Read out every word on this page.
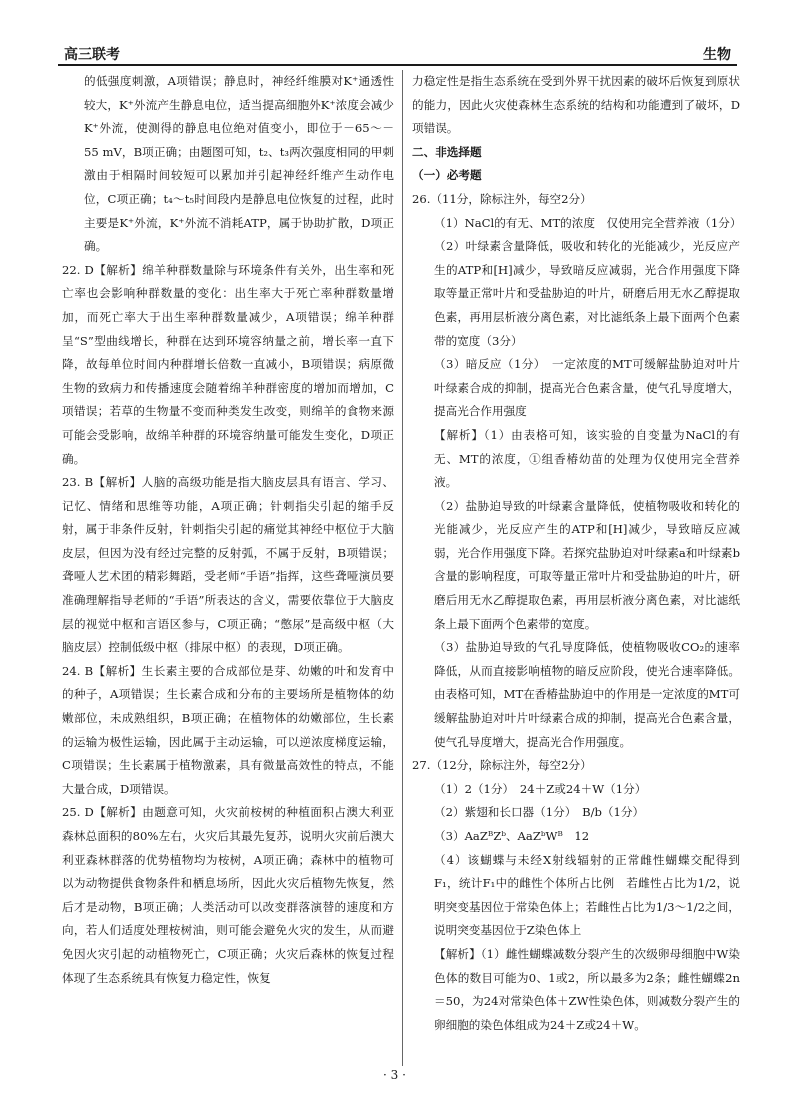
高三联考	生物

的低强度刺激，A项错误；静息时，神经纤维膜对K⁺通透性较大，K⁺外流产生静息电位，适当提高细胞外K⁺浓度会减少K⁺外流，使测得的静息电位绝对值变小，即位于－65～－55 mV，B项正确；由题图可知，t₂、t₃两次强度相同的甲刺激由于相隔时间较短可以累加并引起神经纤维产生动作电位，C项正确；t₄～t₅时间段内是静息电位恢复的过程，此时主要是K⁺外流，K⁺外流不消耗ATP，属于协助扩散，D项正确。

22. D【解析】绵羊种群数量除与环境条件有关外，出生率和死亡率也会影响种群数量的变化：出生率大于死亡率种群数量增加，而死亡率大于出生率种群数量减少，A项错误；绵羊种群呈“S”型曲线增长，种群在达到环境容纳量之前，增长率一直下降，故每单位时间内种群增长倍数一直减小，B项错误；病原微生物的致病力和传播速度会随着绵羊种群密度的增加而增加，C项错误；若草的生物量不变而种类发生改变，则绵羊的食物来源可能会受影响，故绵羊种群的环境容纳量可能发生变化，D项正确。

23. B【解析】人脑的高级功能是指大脑皮层具有语言、学习、记忆、情绪和思维等功能，A项正确；针刺指尖引起的缩手反射，属于非条件反射，针刺指尖引起的痛觉其神经中枢位于大脑皮层，但因为没有经过完整的反射弧，不属于反射，B项错误；聋哑人艺术团的精彩舞蹈，受老师“手语”指挥，这些聋哑演员要准确理解指导老师的“手语”所表达的含义，需要依靠位于大脑皮层的视觉中枢和言语区参与，C项正确；“憋尿”是高级中枢（大脑皮层）控制低级中枢（排尿中枢）的表现，D项正确。

24. B【解析】生长素主要的合成部位是芽、幼嫩的叶和发育中的种子，A项错误；生长素合成和分布的主要场所是植物体的幼嫩部位，未成熟组织，B项正确；在植物体的幼嫩部位，生长素的运输为极性运输，因此属于主动运输，可以逆浓度梯度运输，C项错误；生长素属于植物激素，具有微量高效性的特点，不能大量合成，D项错误。

25. D【解析】由题意可知，火灾前桉树的种植面积占澳大利亚森林总面积的80%左右，火灾后其最先复苏，说明火灾前后澳大利亚森林群落的优势植物均为桉树，A项正确；森林中的植物可以为动物提供食物条件和栖息场所，因此火灾后植物先恢复，然后才是动物，B项正确；人类活动可以改变群落演替的速度和方向，若人们适度处理桉树油，则可能会避免火灾的发生，从而避免因火灾引起的动植物死亡，C项正确；火灾后森林的恢复过程体现了生态系统具有恢复力稳定性，恢复

力稳定性是指生态系统在受到外界干扰因素的破坏后恢复到原状的能力，因此火灾使森林生态系统的结构和功能遭到了破坏，D项错误。

二、非选择题

（一）必考题

26.（11分，除标注外，每空2分）

（1）NaCl的有无、MT的浓度　仅使用完全营养液（1分）

（2）叶绿素含量降低，吸收和转化的光能减少，光反应产生的ATP和[H]减少，导致暗反应减弱，光合作用强度下降　取等量正常叶片和受盐胁迫的叶片，研磨后用无水乙醇提取色素，再用层析液分离色素，对比滤纸条上最下面两个色素带的宽度（3分）

（3）暗反应（1分）　一定浓度的MT可缓解盐胁迫对叶片叶绿素合成的抑制，提高光合色素含量，使气孔导度增大，提高光合作用强度

【解析】（1）由表格可知，该实验的自变量为NaCl的有无、MT的浓度，①组香椿幼苗的处理为仅使用完全营养液。

（2）盐胁迫导致的叶绿素含量降低，使植物吸收和转化的光能减少，光反应产生的ATP和[H]减少，导致暗反应减弱，光合作用强度下降。若探究盐胁迫对叶绿素a和叶绿素b含量的影响程度，可取等量正常叶片和受盐胁迫的叶片，研磨后用无水乙醇提取色素，再用层析液分离色素，对比滤纸条上最下面两个色素带的宽度。

（3）盐胁迫导致的气孔导度降低，使植物吸收CO₂的速率降低，从而直接影响植物的暗反应阶段，使光合速率降低。由表格可知，MT在香椿盐胁迫中的作用是一定浓度的MT可缓解盐胁迫对叶片叶绿素合成的抑制，提高光合色素含量，使气孔导度增大，提高光合作用强度。

27.（12分，除标注外，每空2分）

（1）2（1分）　24＋Z或24＋W（1分）

（2）紫翅和长口器（1分）　B/b（1分）

（3）AaZᴮZᵇ、AaZᵇWᴮ　12

（4）该蝴蝶与未经X射线辐射的正常雌性蝴蝶交配得到F₁，统计F₁中的雌性个体所占比例　若雌性占比为1/2，说明突变基因位于常染色体上；若雌性占比为1/3～1/2之间，说明突变基因位于Z染色体上

【解析】（1）雌性蝴蝶减数分裂产生的次级卵母细胞中W染色体的数目可能为0、1或2，所以最多为2条；雌性蝴蝶2n＝50，为24对常染色体＋ZW性染色体，则减数分裂产生的卵细胞的染色体组成为24＋Z或24＋W。

· 3 ·
